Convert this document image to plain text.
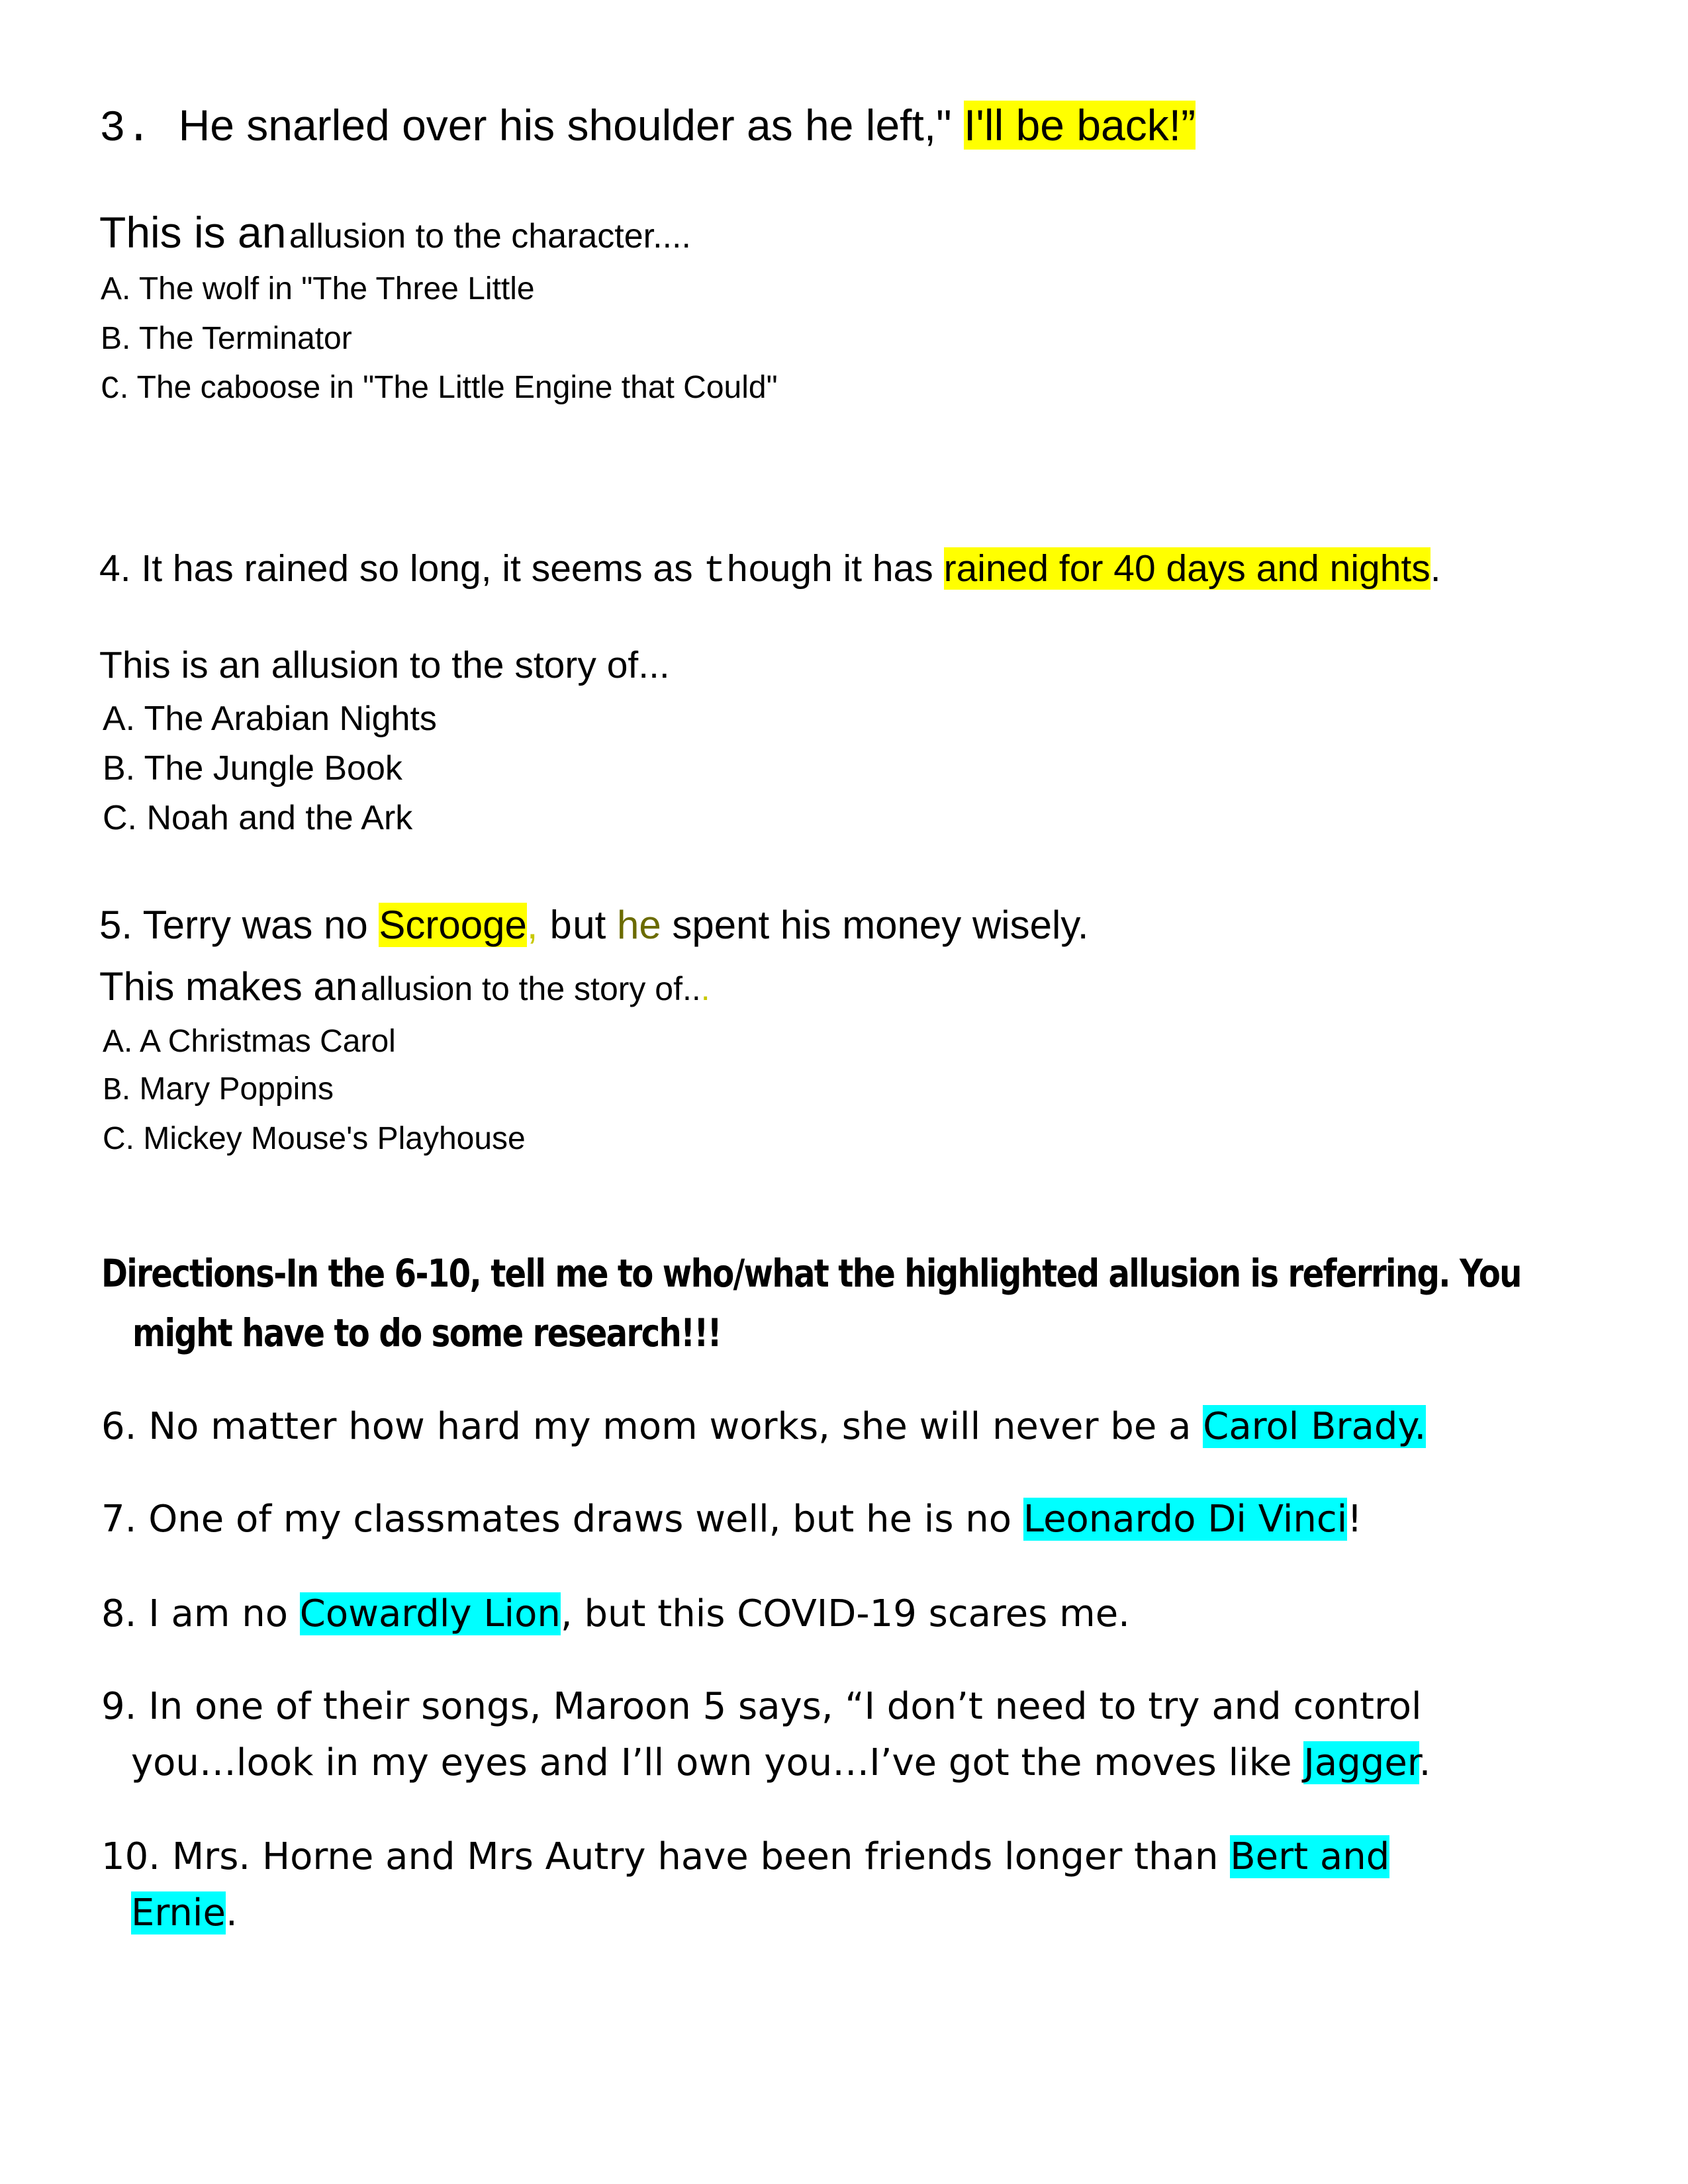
3. He snarled over his shoulder as he left," I'll be back!”
This is an allusion to the character....
A. The wolf in "The Three Little
B. The Terminator
C. The caboose in "The Little Engine that Could"
4. It has rained so long, it seems as though it has rained for 40 days and nights.
This is an allusion to the story of...
A. The Arabian Nights
B. The Jungle Book
C. Noah and the Ark
5. Terry was no Scrooge, but he spent his money wisely.
This makes an allusion to the story of...
A. A Christmas Carol
B. Mary Poppins
C. Mickey Mouse's Playhouse
Directions-In the 6-10, tell me to who/what the highlighted allusion is referring. You
might have to do some research!!!
6. No matter how hard my mom works, she will never be a Carol Brady.
7. One of my classmates draws well, but he is no Leonardo Di Vinci!
8. I am no Cowardly Lion, but this COVID-19 scares me.
9. In one of their songs, Maroon 5 says, “I don’t need to try and control
you…look in my eyes and I’ll own you…I’ve got the moves like Jagger.
10. Mrs. Horne and Mrs Autry have been friends longer than Bert and
Ernie.
